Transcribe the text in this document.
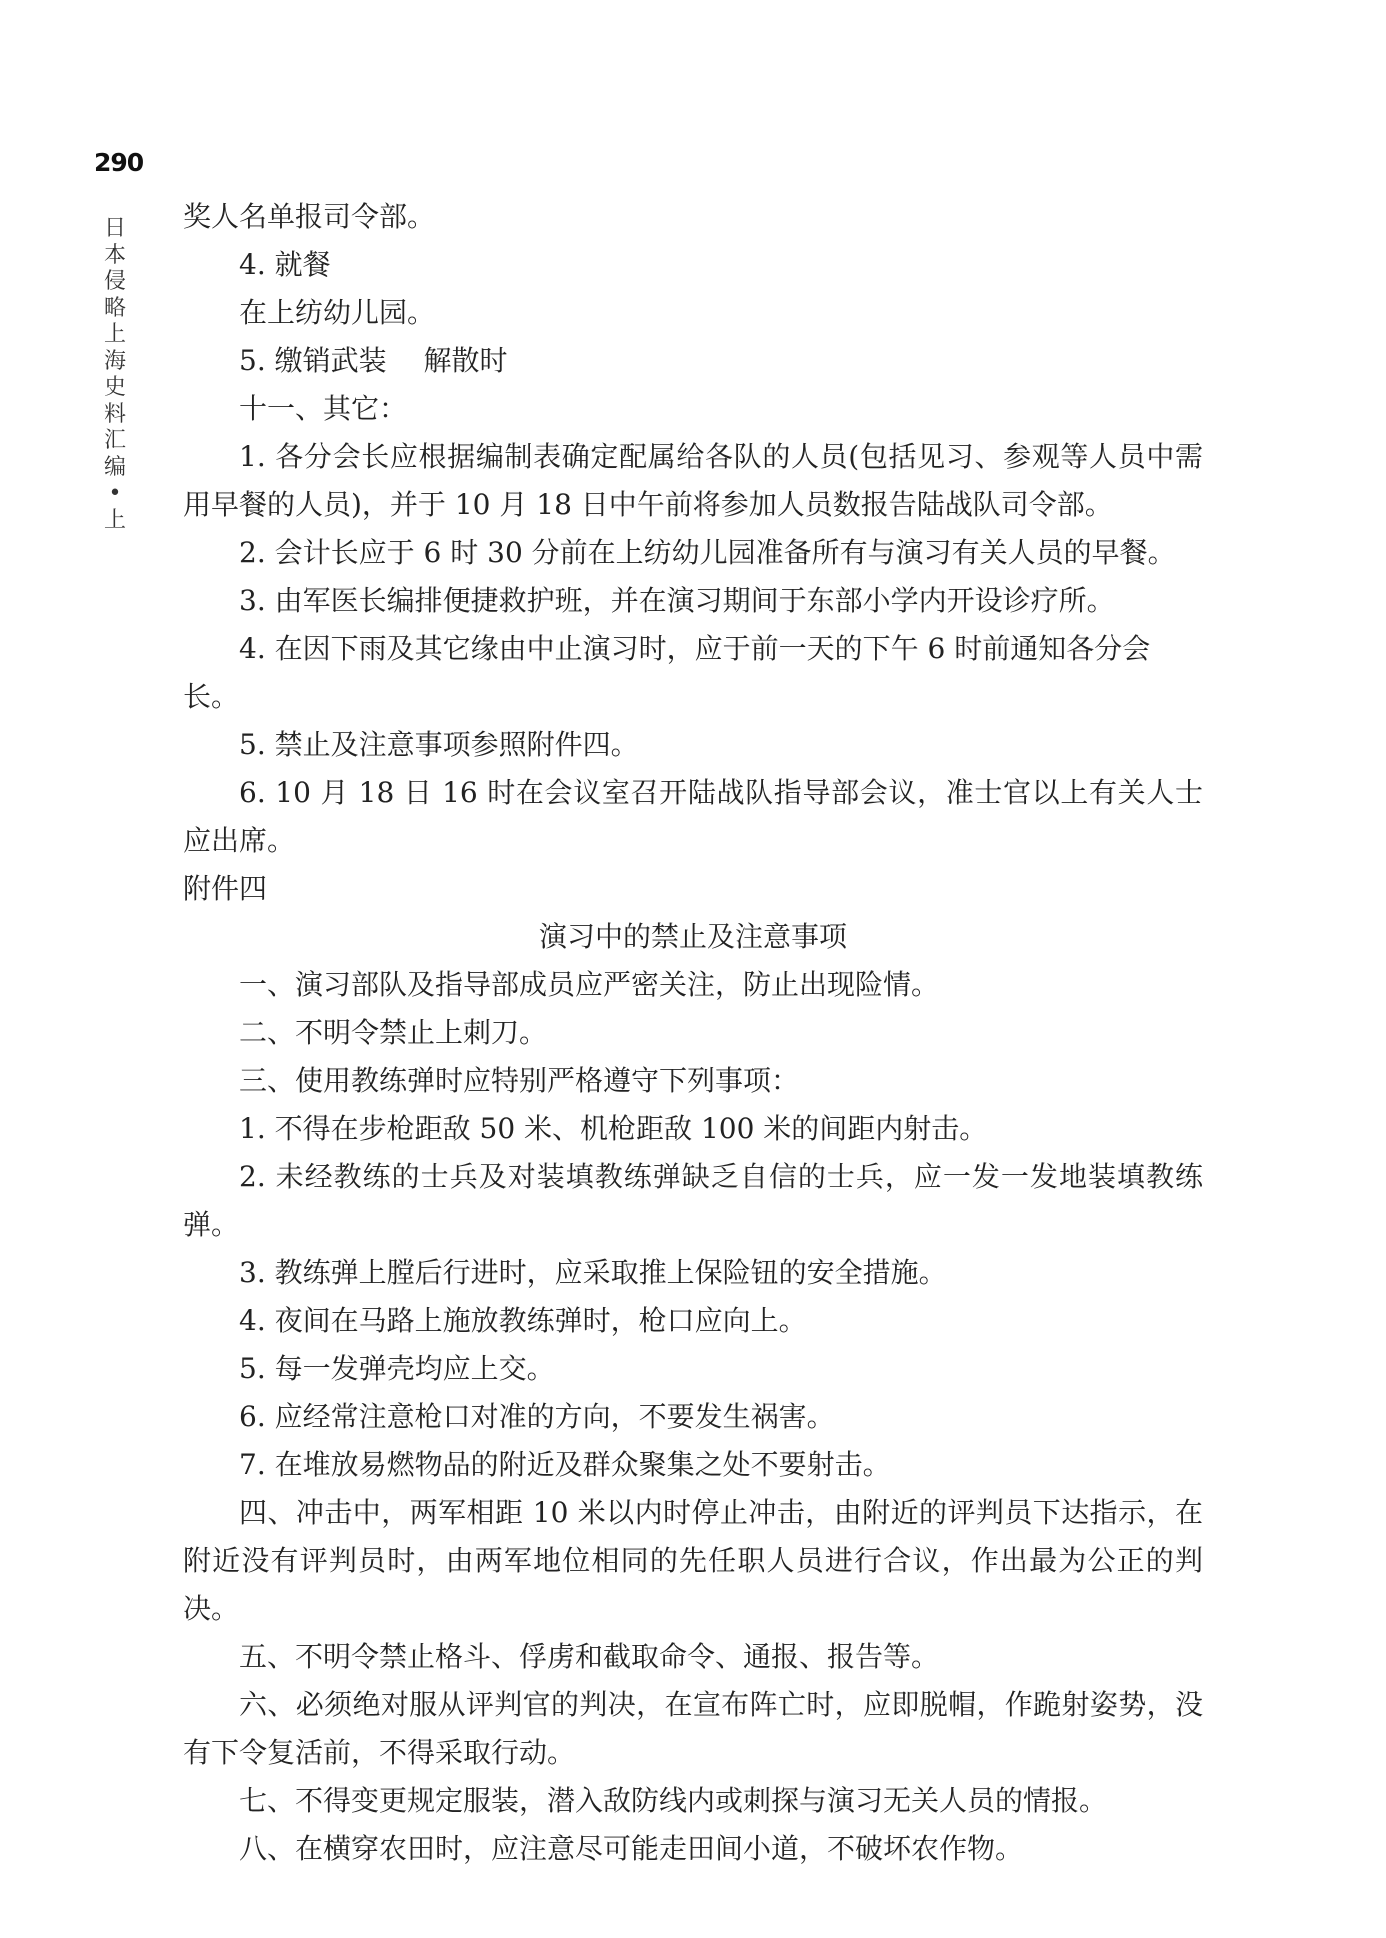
290
日本侵略上海史料汇编 • 上

奖人名单报司令部。

4. 就餐

在上纺幼儿园。

5. 缴销武装　 解散时

十一、其它：

1. 各分会长应根据编制表确定配属给各队的人员(包括见习、参观等人员中需用早餐的人员)，并于 10 月 18 日中午前将参加人员数报告陆战队司令部。

2. 会计长应于 6 时 30 分前在上纺幼儿园准备所有与演习有关人员的早餐。

3. 由军医长编排便捷救护班，并在演习期间于东部小学内开设诊疗所。

4. 在因下雨及其它缘由中止演习时，应于前一天的下午 6 时前通知各分会长。

5. 禁止及注意事项参照附件四。

6. 10 月 18 日 16 时在会议室召开陆战队指导部会议，准士官以上有关人士应出席。

附件四

演习中的禁止及注意事项

一、演习部队及指导部成员应严密关注，防止出现险情。

二、不明令禁止上刺刀。

三、使用教练弹时应特别严格遵守下列事项：

1. 不得在步枪距敌 50 米、机枪距敌 100 米的间距内射击。

2. 未经教练的士兵及对装填教练弹缺乏自信的士兵，应一发一发地装填教练弹。

3. 教练弹上膛后行进时，应采取推上保险钮的安全措施。

4. 夜间在马路上施放教练弹时，枪口应向上。

5. 每一发弹壳均应上交。

6. 应经常注意枪口对准的方向，不要发生祸害。

7. 在堆放易燃物品的附近及群众聚集之处不要射击。

四、冲击中，两军相距 10 米以内时停止冲击，由附近的评判员下达指示，在附近没有评判员时，由两军地位相同的先任职人员进行合议，作出最为公正的判决。

五、不明令禁止格斗、俘虏和截取命令、通报、报告等。

六、必须绝对服从评判官的判决，在宣布阵亡时，应即脱帽，作跪射姿势，没有下令复活前，不得采取行动。

七、不得变更规定服装，潜入敌防线内或刺探与演习无关人员的情报。

八、在横穿农田时，应注意尽可能走田间小道，不破坏农作物。
